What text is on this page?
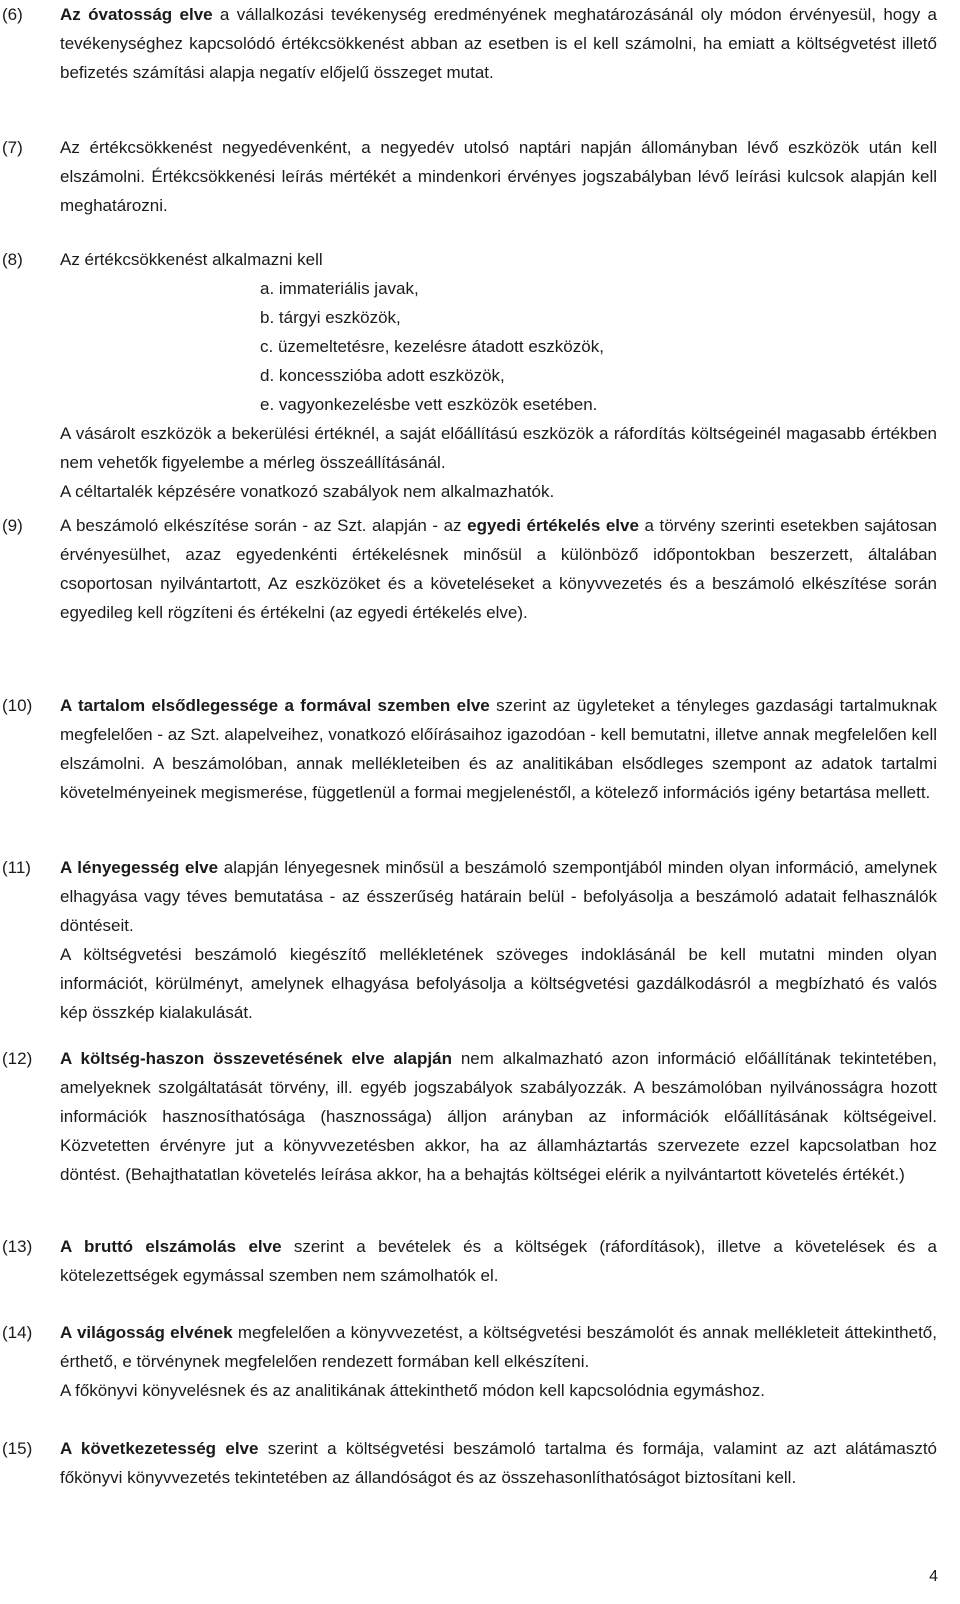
(6) Az óvatosság elve a vállalkozási tevékenység eredményének meghatározásánál oly módon érvényesül, hogy a tevékenységhez kapcsolódó értékcsökkenést abban az esetben is el kell számolni, ha emiatt a költségvetést illető befizetés számítási alapja negatív előjelű összeget mutat.

(7) Az értékcsökkenést negyedévenként, a negyedév utolsó naptári napján állományban lévő eszközök után kell elszámolni. Értékcsökkenési leírás mértékét a mindenkori érvényes jogszabályban lévő leírási kulcsok alapján kell meghatározni.

(8) Az értékcsökkenést alkalmazni kell

a. immateriális javak,
b. tárgyi eszközök,
c. üzemeltetésre, kezelésre átadott eszközök,
d. koncesszióba adott eszközök,
e. vagyonkezelésbe vett eszközök esetében.

A vásárolt eszközök a bekerülési értéknél, a saját előállítású eszközök a ráfordítás költségeinél magasabb értékben nem vehetők figyelembe a mérleg összeállításánál.

A céltartalék képzésére vonatkozó szabályok nem alkalmazhatók.

(9) A beszámoló elkészítése során - az Szt. alapján - az egyedi értékelés elve a törvény szerinti esetekben sajátosan érvényesülhet, azaz egyedenkénti értékelésnek minősül a különböző időpontokban beszerzett, általában csoportosan nyilvántartott, Az eszközöket és a követeléseket a könyvvezetés és a beszámoló elkészítése során egyedileg kell rögzíteni és értékelni (az egyedi értékelés elve).

(10) A tartalom elsődlegessége a formával szemben elve szerint az ügyleteket a tényleges gazdasági tartalmuknak megfelelően - az Szt. alapelveihez, vonatkozó előírásaihoz igazodóan - kell bemutatni, illetve annak megfelelően kell elszámolni. A beszámolóban, annak mellékleteiben és az analitikában elsődleges szempont az adatok tartalmi követelményeinek megismerése, függetlenül a formai megjelenéstől, a kötelező információs igény betartása mellett.

(11) A lényegesség elve alapján lényegesnek minősül a beszámoló szempontjából minden olyan információ, amelynek elhagyása vagy téves bemutatása - az ésszerűség határain belül - befolyásolja a beszámoló adatait felhasználók döntéseit.

A költségvetési beszámoló kiegészítő mellékletének szöveges indoklásánál be kell mutatni minden olyan információt, körülményt, amelynek elhagyása befolyásolja a költségvetési gazdálkodásról a megbízható és valós kép összkép kialakulását.

(12) A költség-haszon összevetésének elve alapján nem alkalmazható azon információ előállítának tekintetében, amelyeknek szolgáltatását törvény, ill. egyéb jogszabályok szabályozzák. A beszámolóban nyilvánosságra hozott információk hasznosíthatósága (hasznossága) álljon arányban az információk előállításának költségeivel. Közvetetten érvényre jut a könyvvezetésben akkor, ha az államháztartás szervezete ezzel kapcsolatban hoz döntést. (Behajthatatlan követelés leírása akkor, ha a behajtás költségei elérik a nyilvántartott követelés értékét.)

(13) A bruttó elszámolás elve szerint a bevételek és a költségek (ráfordítások), illetve a követelések és a kötelezettségek egymással szemben nem számolhatók el.

(14) A világosság elvének megfelelően a könyvvezetést, a költségvetési beszámolót és annak mellékleteit áttekinthető, érthető, e törvénynek megfelelően rendezett formában kell elkészíteni.

A főkönyvi könyvelésnek és az analitikának áttekinthető módon kell kapcsolódnia egymáshoz.

(15) A következetesség elve szerint a költségvetési beszámoló tartalma és formája, valamint az azt alátámasztó főkönyvi könyvvezetés tekintetében az állandóságot és az összehasonlíthatóságot biztosítani kell.

4
